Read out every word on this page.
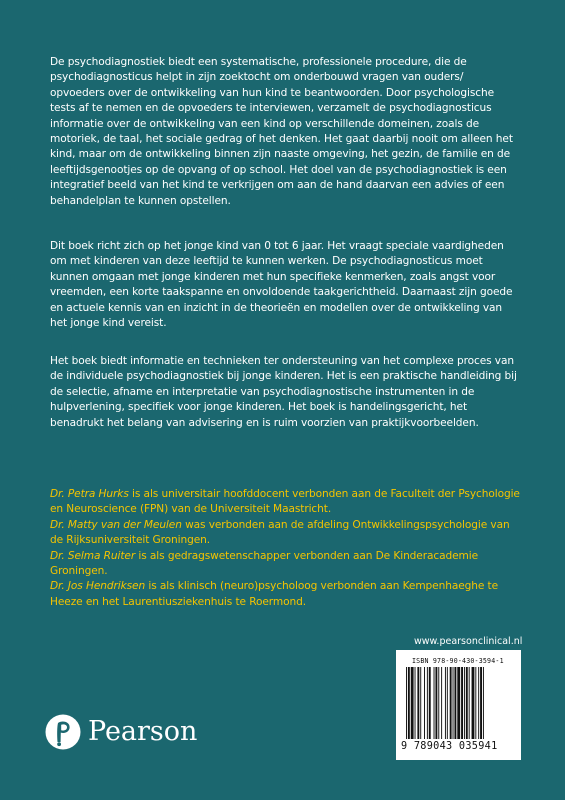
De psychodiagnostiek biedt een systematische, professionele procedure, die de psychodiagnosticus helpt in zijn zoektocht om onderbouwd vragen van ouders/ opvoeders over de ontwikkeling van hun kind te beantwoorden. Door psychologische tests af te nemen en de opvoeders te interviewen, verzamelt de psychodiagnosticus informatie over de ontwikkeling van een kind op verschillende domeinen, zoals de motoriek, de taal, het sociale gedrag of het denken. Het gaat daarbij nooit om alleen het kind, maar om de ontwikkeling binnen zijn naaste omgeving, het gezin, de familie en de leeftijdsgenootjes op de opvang of op school. Het doel van de psychodiagnostiek is een integratief beeld van het kind te verkrijgen om aan de hand daarvan een advies of een behandelplan te kunnen opstellen.
Dit boek richt zich op het jonge kind van 0 tot 6 jaar. Het vraagt speciale vaardigheden om met kinderen van deze leeftijd te kunnen werken. De psychodiagnosticus moet kunnen omgaan met jonge kinderen met hun specifieke kenmerken, zoals angst voor vreemden, een korte taakspanne en onvoldoende taakgerichtheid. Daarnaast zijn goede en actuele kennis van en inzicht in de theorieën en modellen over de ontwikkeling van het jonge kind vereist.
Het boek biedt informatie en technieken ter ondersteuning van het complexe proces van de individuele psychodiagnostiek bij jonge kinderen. Het is een praktische handleiding bij de selectie, afname en interpretatie van psychodiagnostische instrumenten in de hulpverlening, specifiek voor jonge kinderen. Het boek is handelingsgericht, het benadrukt het belang van advisering en is ruim voorzien van praktijkvoorbeelden.
Dr. Petra Hurks is als universitair hoofddocent verbonden aan de Faculteit der Psychologie en Neuroscience (FPN) van de Universiteit Maastricht.
Dr. Matty van der Meulen was verbonden aan de afdeling Ontwikkelingspsychologie van de Rijksuniversiteit Groningen.
Dr. Selma Ruiter is als gedragswetenschapper verbonden aan De Kinderacademie Groningen.
Dr. Jos Hendriksen is als klinisch (neuro)psycholoog verbonden aan Kempenhaeghe te Heeze en het Laurentiusziekenhuis te Roermond.
www.pearsonclinical.nl
ISBN 978-90-430-3594-1
9 789043 035941
Pearson
